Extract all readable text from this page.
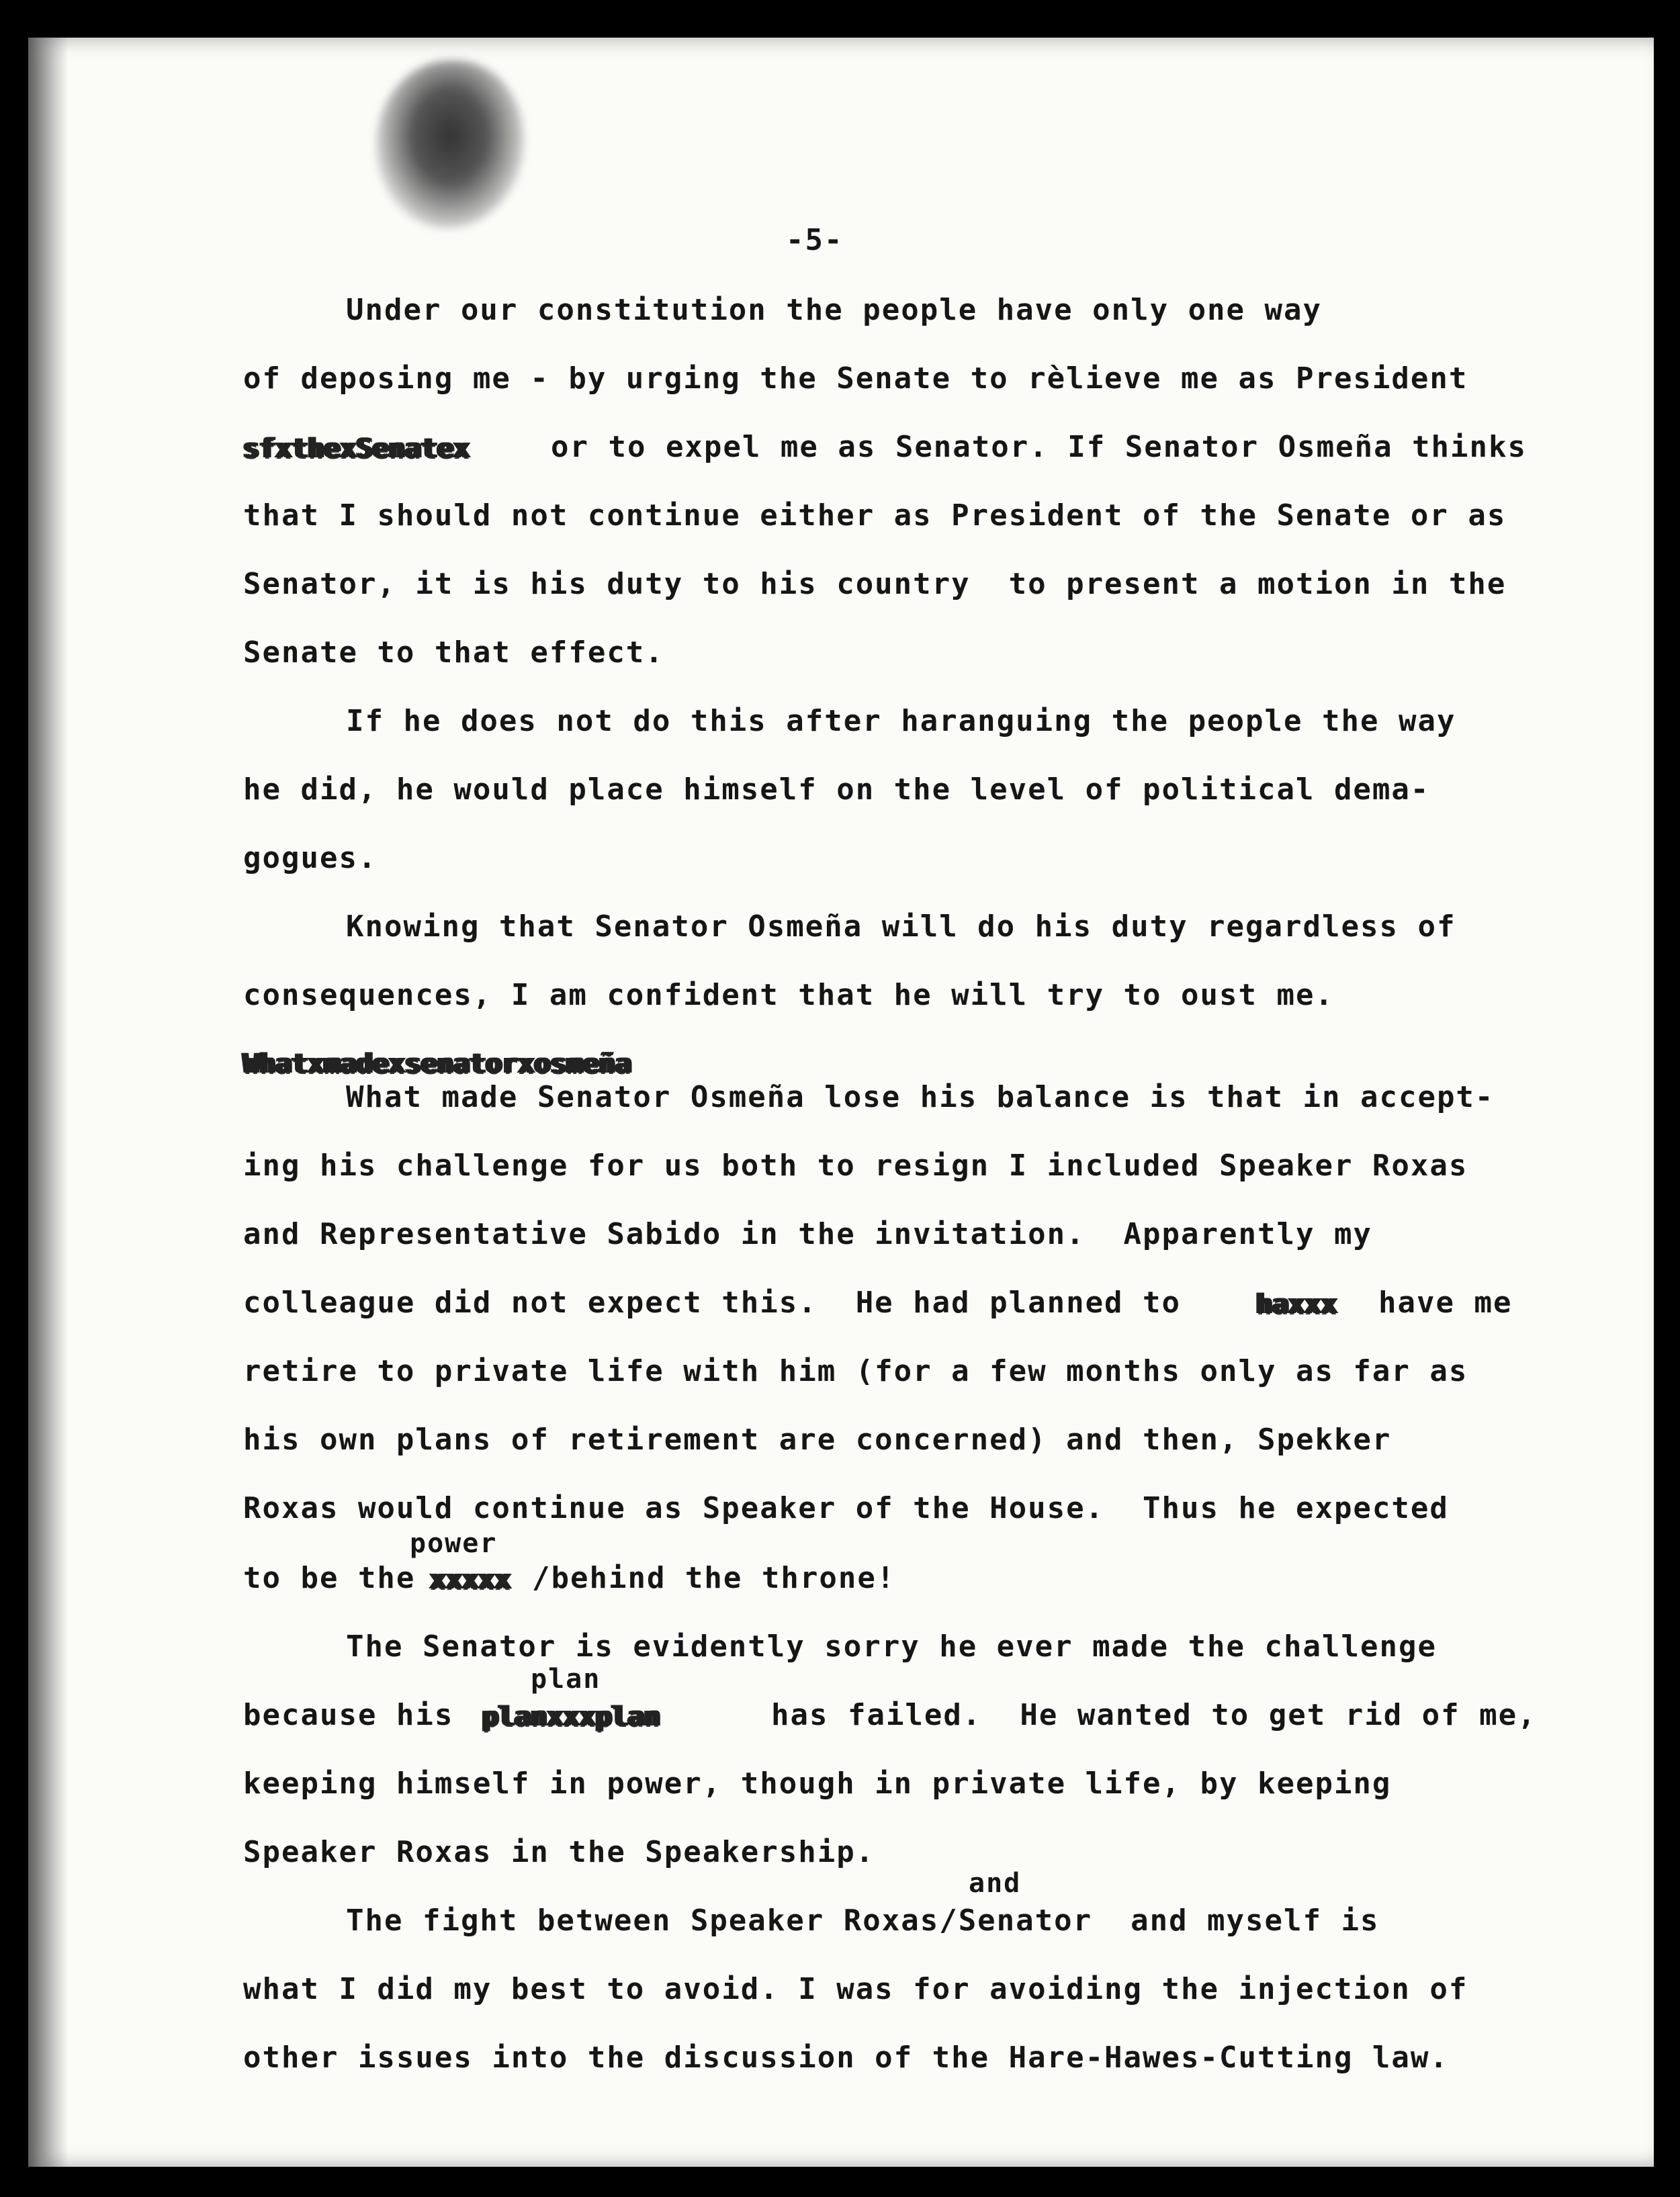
-5-
Under our constitution the people have only one way
of deposing me - by urging the Senate to rèlieve me as President
sfxthexSenatex	or to expel me as Senator. If Senator Osmeña thinks
that I should not continue either as President of the Senate or as
Senator, it is his duty to his country  to present a motion in the
Senate to that effect.
If he does not do this after haranguing the people the way
he did, he would place himself on the level of political dema-
gogues.
Knowing that Senator Osmeña will do his duty regardless of
consequences, I am confident that he will try to oust me.
Whatxmadexsenatorxosmeña
What made Senator Osmeña lose his balance is that in accept-
ing his challenge for us both to resign I included Speaker Roxas
and Representative Sabido in the invitation.  Apparently my
colleague did not expect this.  He had planned to	haxxx have me
retire to private life with him (for a few months only as far as
his own plans of retirement are concerned) and then, Spekker
Roxas would continue as Speaker of the House.  Thus he expected
power
to be the xxxxx /behind the throne!
The Senator is evidently sorry he ever made the challenge
plan
because his planxxxplan	has failed.  He wanted to get rid of me,
keeping himself in power, though in private life, by keeping
Speaker Roxas in the Speakership.
and
The fight between Speaker Roxas/Senator  and myself is
what I did my best to avoid. I was for avoiding the injection of
other issues into the discussion of the Hare-Hawes-Cutting law.
